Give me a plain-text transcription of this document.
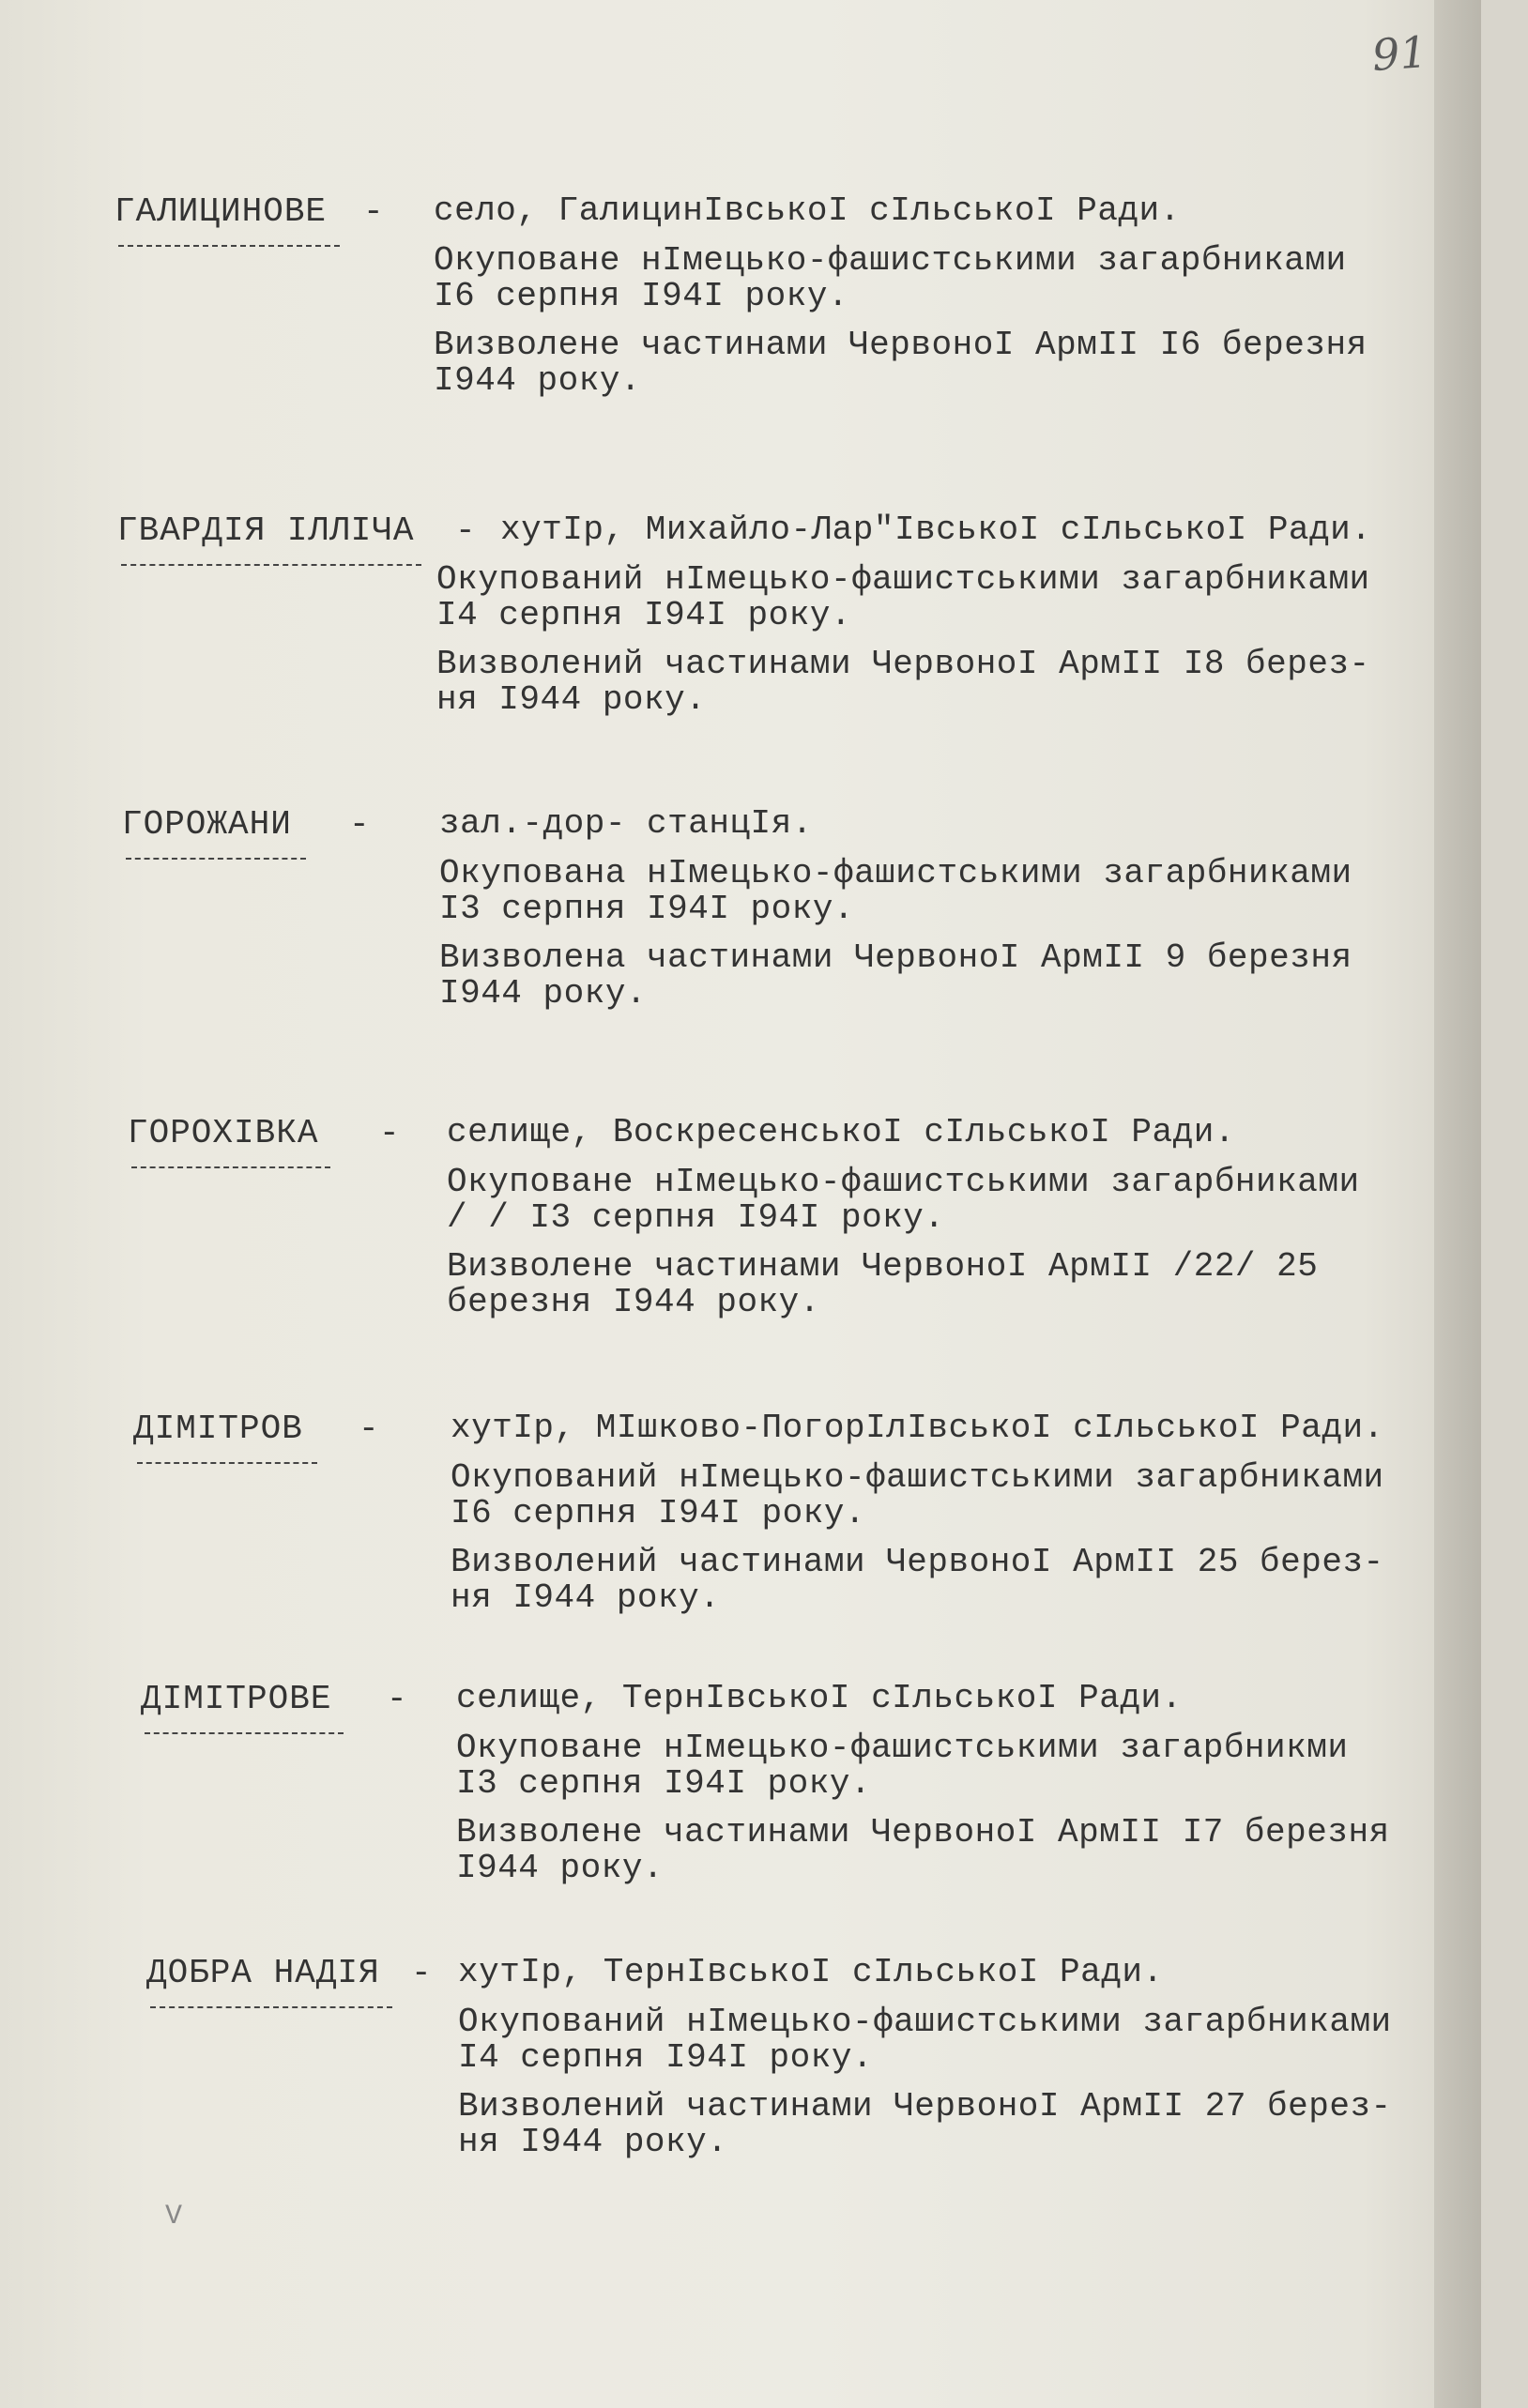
91
ГАЛИЦИНОВЕ - село, ГалицинIвськоI сIльськоI Ради.

Окуповане нIмецько-фашистськими загарбниками

I6 серпня I94I року.

Визволене частинами ЧервоноI АрмII I6 березня

I944 року.

ГВАРДІЯ ІЛЛІЧА - хутIр, Михайло-Лар"IвськоI сIльськоI Ради.

Окупований нIмецько-фашистськими загарбниками

I4 серпня I94I року.

Визволений частинами ЧервоноI АрмII I8 берез-

ня I944 року.

ГОРОЖАНИ - зал.-дор- станцIя.

Окупована нIмецько-фашистськими загарбниками

I3 серпня I94I року.

Визволена частинами ЧервоноI АрмII 9 березня

I944 року.

ГОРОХІВКА - селище, ВоскресенськоI сIльськоI Ради.

Окуповане нIмецько-фашистськими загарбниками

/ / I3 серпня I94I року.

Визволене частинами ЧервоноI АрмII /22/ 25

березня I944 року.

ДІМІТРОВ - хутIр, МIшково-ПогорIлIвськоI сIльськоI Ради.

Окупований нIмецько-фашистськими загарбниками

I6 серпня I94I року.

Визволений частинами ЧервоноI АрмII 25 берез-

ня I944 року.

ДІМІТРОВЕ - селище, ТернIвськоI сIльськоI Ради.

Окуповане нIмецько-фашистськими загарбникми

I3 серпня I94I року.

Визволене частинами ЧервоноI АрмII I7 березня

I944 року.

ДОБРА НАДІЯ - хутIр, ТернIвськоI сIльськоI Ради.

Окупований нIмецько-фашистськими загарбниками

I4 серпня I94I року.

Визволений частинами ЧервоноI АрмII 27 берез-

ня I944 року.

V
